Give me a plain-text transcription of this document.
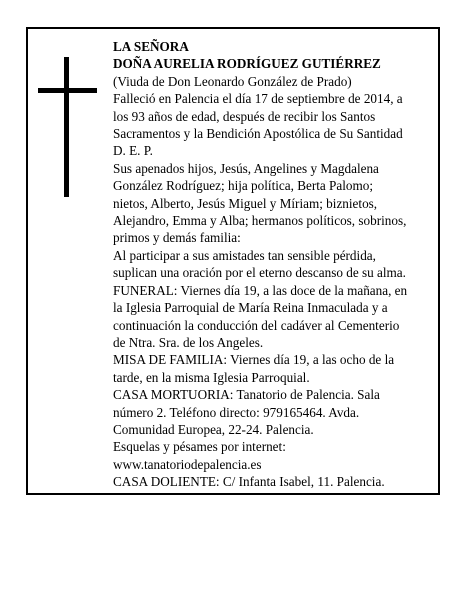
LA SEÑORA
DOÑA AURELIA RODRÍGUEZ GUTIÉRREZ
(Viuda de Don Leonardo González de Prado)
Falleció en Palencia el día 17 de septiembre de 2014, a
los 93 años de edad, después de recibir los Santos
Sacramentos y la Bendición Apostólica de Su Santidad
D. E. P.
Sus apenados hijos, Jesús, Angelines y Magdalena
González Rodríguez; hija política, Berta Palomo;
nietos, Alberto, Jesús Miguel y Míriam; biznietos,
Alejandro, Emma y Alba; hermanos políticos, sobrinos,
primos y demás familia:
Al participar a sus amistades tan sensible pérdida,
suplican una oración por el eterno descanso de su alma.
FUNERAL: Viernes día 19, a las doce de la mañana, en
la Iglesia Parroquial de María Reina Inmaculada y a
continuación la conducción del cadáver al Cementerio
de Ntra. Sra. de los Angeles.
MISA DE FAMILIA: Viernes día 19, a las ocho de la
tarde, en la misma Iglesia Parroquial.
CASA MORTUORIA: Tanatorio de Palencia. Sala
número 2. Teléfono directo: 979165464. Avda.
Comunidad Europea, 22-24. Palencia.
Esquelas y pésames por internet:
www.tanatoriodepalencia.es
CASA DOLIENTE: C/ Infanta Isabel, 11. Palencia.
